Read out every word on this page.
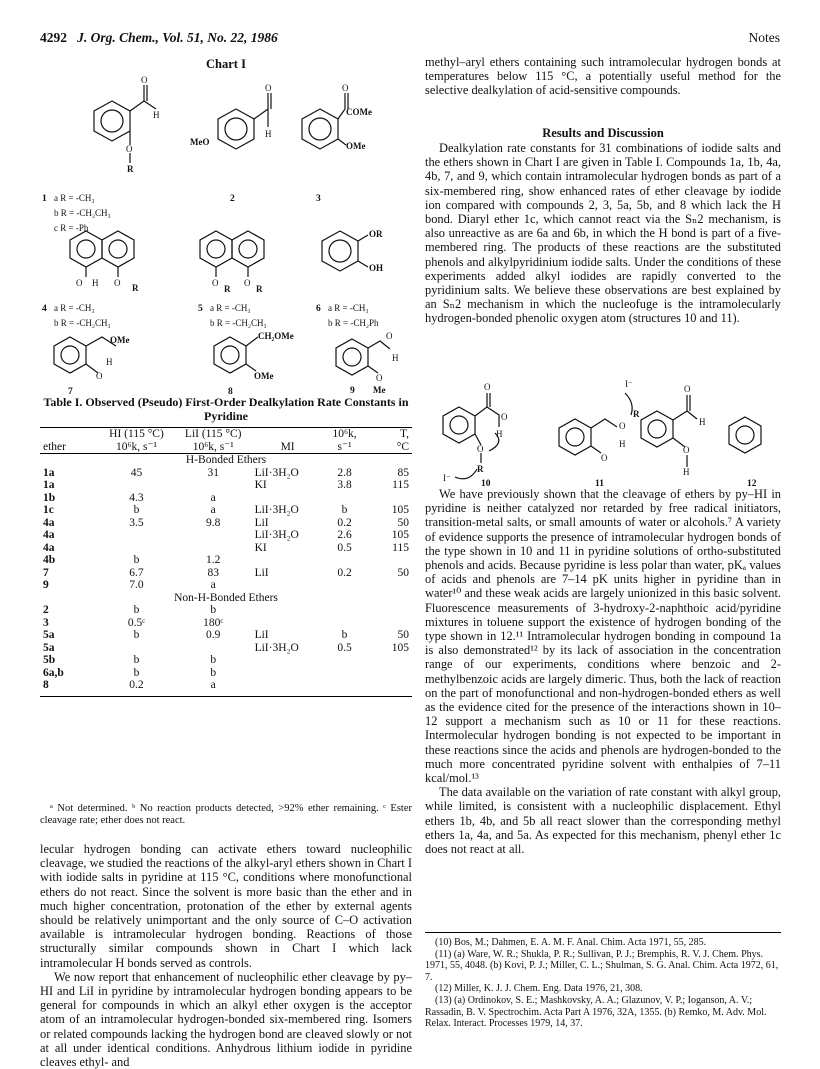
4292 J. Org. Chem., Vol. 51, No. 22, 1986	Notes
Chart I
O
H
O
R
1 a R = -CH₃
b R = -CH₂CH₃
c R = -Ph
O
H
MeO
2
O
COMe
OMe
3
O	O
H	R
4 a R = -CH₃
b R = -CH₂CH₃
O	O
R	R
5 a R = -CH₃
b R = -CH₂CH₃
OR
OH
6 a R = -CH₃
b R = -CH₂Ph
OMe
O
H
7
CH₂OMe
OMe
8
O
H
O
Me
9
Table I. Observed (Pseudo) First-Order Dealkylation Rate Constants in Pyridine
	HI (115 °C)	LiI (115 °C)		10⁶k,	T,
ether	10⁶k, s⁻¹	10⁶k, s⁻¹	MI	s⁻¹	°C
H-Bonded Ethers					
1a	45	31	LiI·3H₂O	2.8	85
1a			KI	3.8	115
1b	4.3	a			
1c	b	a	LiI·3H₂O	b	105
4a	3.5	9.8	LiI	0.2	50
4a			LiI·3H₂O	2.6	105
4a			KI	0.5	115
4b	b	1.2			
7	6.7	83	LiI	0.2	50
9	7.0	a			
Non-H-Bonded Ethers					
2	b	b			
3	0.5ᶜ	180ᶜ			
5a	b	0.9	LiI	b	50
5a			LiI·3H₂O	0.5	105
5b	b	b			
6a,b	b	b			
8	0.2	a			

ᵃ Not determined. ᵇ No reaction products detected, >92% ether remaining. ᶜ Ester cleavage rate; ether does not react.

lecular hydrogen bonding can activate ethers toward nucleophilic cleavage, we studied the reactions of the alkyl-aryl ethers shown in Chart I with iodide salts in pyridine at 115 °C, conditions where monofunctional ethers do not react. Since the solvent is more basic than the ether and in much higher concentration, protonation of the ether by external agents should be relatively unimportant and the only source of C–O activation available is intramolecular hydrogen bonding. Reactions of those structurally similar compounds shown in Chart I which lack intramolecular H bonds served as controls.

We now report that enhancement of nucleophilic ether cleavage by py–HI and LiI in pyridine by intramolecular hydrogen bonding appears to be general for compounds in which an alkyl ether oxygen is the acceptor atom of an intramolecular hydrogen-bonded six-membered ring. Isomers or related compounds lacking the hydrogen bond are cleaved slowly or not at all under identical conditions. Anhydrous lithium iodide in pyridine cleaves ethyl- and

methyl–aryl ethers containing such intramolecular hydrogen bonds at temperatures below 115 °C, a potentially useful method for the selective dealkylation of acid-sensitive compounds.

Results and Discussion

Dealkylation rate constants for 31 combinations of iodide salts and the ethers shown in Chart I are given in Table I. Compounds 1a, 1b, 4a, 4b, 7, and 9, which contain intramolecular hydrogen bonds as part of a six-membered ring, show enhanced rates of ether cleavage by iodide ion compared with compounds 2, 3, 5a, 5b, and 8 which lack the H bond. Diaryl ether 1c, which cannot react via the Sₙ2 mechanism, is also unreactive as are 6a and 6b, in which the H bond is part of a five-membered ring. The products of these reactions are the substituted phenols and alkylpyridinium iodide salts. Under the conditions of these experiments added alkyl iodides are rapidly converted to the pyridinium salts. We believe these observations are best explained by an Sₙ2 mechanism in which the nucleofuge is the intramolecularly hydrogen-bonded phenolic oxygen atom (structures 10 and 11).

O
O
H
O
R
I⁻
10
I⁻
O
R
H
O
11
O
H
O
H
12

We have previously shown that the cleavage of ethers by py–HI in pyridine is neither catalyzed nor retarded by free radical initiators, transition-metal salts, or small amounts of water or alcohols.⁷ A variety of evidence supports the presence of intramolecular hydrogen bonds of the type shown in 10 and 11 in pyridine solutions of ortho-substituted phenols and acids. Because pyridine is less polar than water, pKₐ values of acids and phenols are 7–14 pK units higher in pyridine than in water¹⁰ and these weak acids are largely unionized in this basic solvent. Fluorescence measurements of 3-hydroxy-2-naphthoic acid/pyridine mixtures in toluene support the existence of hydrogen bonding of the type shown in 12.¹¹ Intramolecular hydrogen bonding in compound 1a is also demonstrated¹² by its lack of association in the concentration range of our experiments, conditions where benzoic and 2-methylbenzoic acids are largely dimeric. Thus, both the lack of reaction on the part of monofunctional and non-hydrogen-bonded ethers as well as the evidence cited for the presence of the interactions shown in 10–12 support a mechanism such as 10 or 11 for these reactions. Intermolecular hydrogen bonding is not expected to be important in these reactions since the acids and phenols are hydrogen-bonded to the much more concentrated pyridine solvent with enthalpies of 7–11 kcal/mol.¹³

The data available on the variation of rate constant with alkyl group, while limited, is consistent with a nucleophilic displacement. Ethyl ethers 1b, 4b, and 5b all react slower than the corresponding methyl ethers 1a, 4a, and 5a. As expected for this mechanism, phenyl ether 1c does not react at all.

(10) Bos, M.; Dahmen, E. A. M. F. Anal. Chim. Acta 1971, 55, 285.
(11) (a) Ware, W. R.; Shukla, P. R.; Sullivan, P. J.; Bremphis, R. V. J. Chem. Phys. 1971, 55, 4048. (b) Kovi, P. J.; Miller, C. L.; Shulman, S. G. Anal. Chim. Acta 1972, 61, 7.
(12) Miller, K. J. J. Chem. Eng. Data 1976, 21, 308.
(13) (a) Ordinokov, S. E.; Mashkovsky, A. A.; Glazunov, V. P.; Ioganson, A. V.; Rassadin, B. V. Spectrochim. Acta Part A 1976, 32A, 1355. (b) Remko, M. Adv. Mol. Relax. Interact. Processes 1979, 14, 37.
